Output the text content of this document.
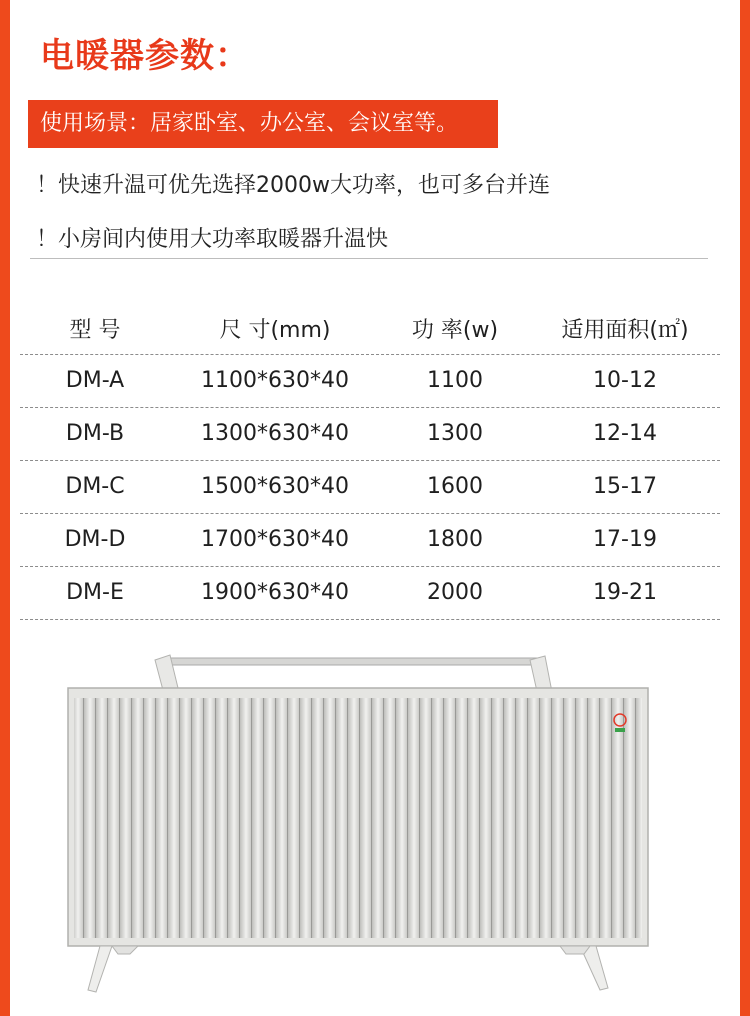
电暖器参数：
使用场景：居家卧室、办公室、会议室等。
！快速升温可优先选择2000w大功率，也可多台并连
！小房间内使用大功率取暖器升温快
型 号	尺 寸(mm)	功 率(w)	适用面积(㎡)
DM-A	1100*630*40	1100	10-12
DM-B	1300*630*40	1300	12-14
DM-C	1500*630*40	1600	15-17
DM-D	1700*630*40	1800	17-19
DM-E	1900*630*40	2000	19-21
